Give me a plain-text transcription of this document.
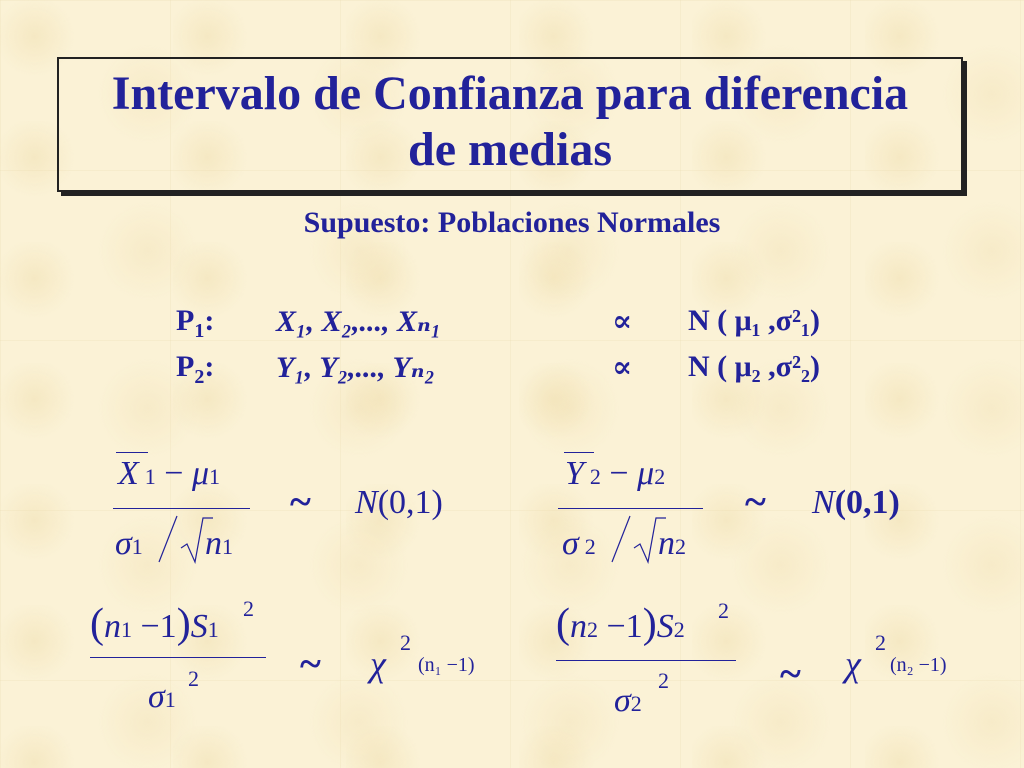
Intervalo de Confianza para diferencia
de medias
Supuesto: Poblaciones Normales
$P_1$: X₁, X₂,..., Xₙ₁	∝ N ( μ₁ ,σ²₁)
$P_2$: Y₁, Y₂,..., Yₙ₂	∝ N ( μ₂ ,σ²₂)
X 1 − μ1
σ1 n1
~ N(0,1)
Y 2 − μ2
σ 2 n2
~ N(0,1)
(n1 −1)S1
2
σ1
2	~ χ
2
(n₁ −1)
(n2 −1)S2
2
σ2
2	~ χ
2
(n₂ −1)
